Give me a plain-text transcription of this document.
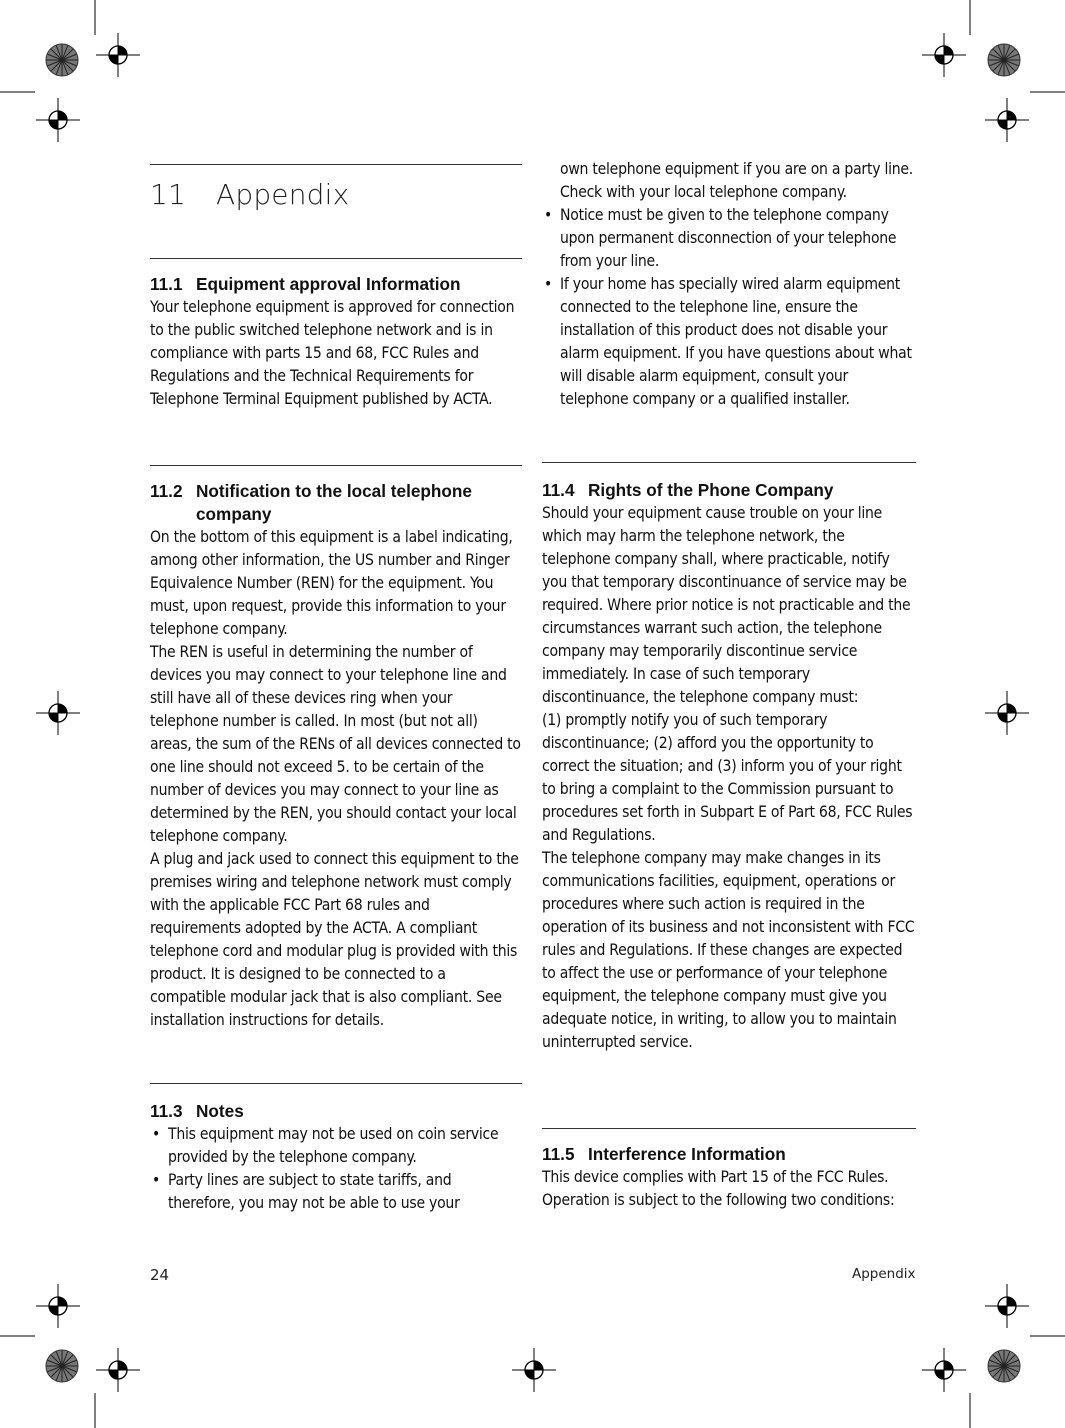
11 Appendix
11.1 Equipment approval Information

Your telephone equipment is approved for connection to the public switched telephone network and is in compliance with parts 15 and 68, FCC Rules and Regulations and the Technical Requirements for Telephone Terminal Equipment published by ACTA.

11.2 Notification to the local telephone
company

On the bottom of this equipment is a label indicating, among other information, the US number and Ringer Equivalence Number (REN) for the equipment. You must, upon request, provide this information to your telephone company.

The REN is useful in determining the number of devices you may connect to your telephone line and still have all of these devices ring when your telephone number is called. In most (but not all) areas, the sum of the RENs of all devices connected to one line should not exceed 5. to be certain of the number of devices you may connect to your line as determined by the REN, you should contact your local telephone company.

A plug and jack used to connect this equipment to the premises wiring and telephone network must comply with the applicable FCC Part 68 rules and requirements adopted by the ACTA. A compliant telephone cord and modular plug is provided with this product. It is designed to be connected to a compatible modular jack that is also compliant. See installation instructions for details.

11.3 Notes
• This equipment may not be used on coin service provided by the telephone company.
• Party lines are subject to state tariffs, and therefore, you may not be able to use your
own telephone equipment if you are on a party line. Check with your local telephone company.
• Notice must be given to the telephone company upon permanent disconnection of your telephone from your line.
• If your home has specially wired alarm equipment connected to the telephone line, ensure the installation of this product does not disable your alarm equipment. If you have questions about what will disable alarm equipment, consult your telephone company or a qualified installer.
11.4 Rights of the Phone Company

Should your equipment cause trouble on your line which may harm the telephone network, the telephone company shall, where practicable, notify you that temporary discontinuance of service may be required. Where prior notice is not practicable and the circumstances warrant such action, the telephone company may temporarily discontinue service immediately. In case of such temporary discontinuance, the telephone company must:

(1) promptly notify you of such temporary discontinuance; (2) afford you the opportunity to correct the situation; and (3) inform you of your right to bring a complaint to the Commission pursuant to procedures set forth in Subpart E of Part 68, FCC Rules and Regulations.

The telephone company may make changes in its communications facilities, equipment, operations or procedures where such action is required in the operation of its business and not inconsistent with FCC rules and Regulations. If these changes are expected to affect the use or performance of your telephone equipment, the telephone company must give you adequate notice, in writing, to allow you to maintain uninterrupted service.

11.5 Interference Information

This device complies with Part 15 of the FCC Rules. Operation is subject to the following two conditions:

24	Appendix
